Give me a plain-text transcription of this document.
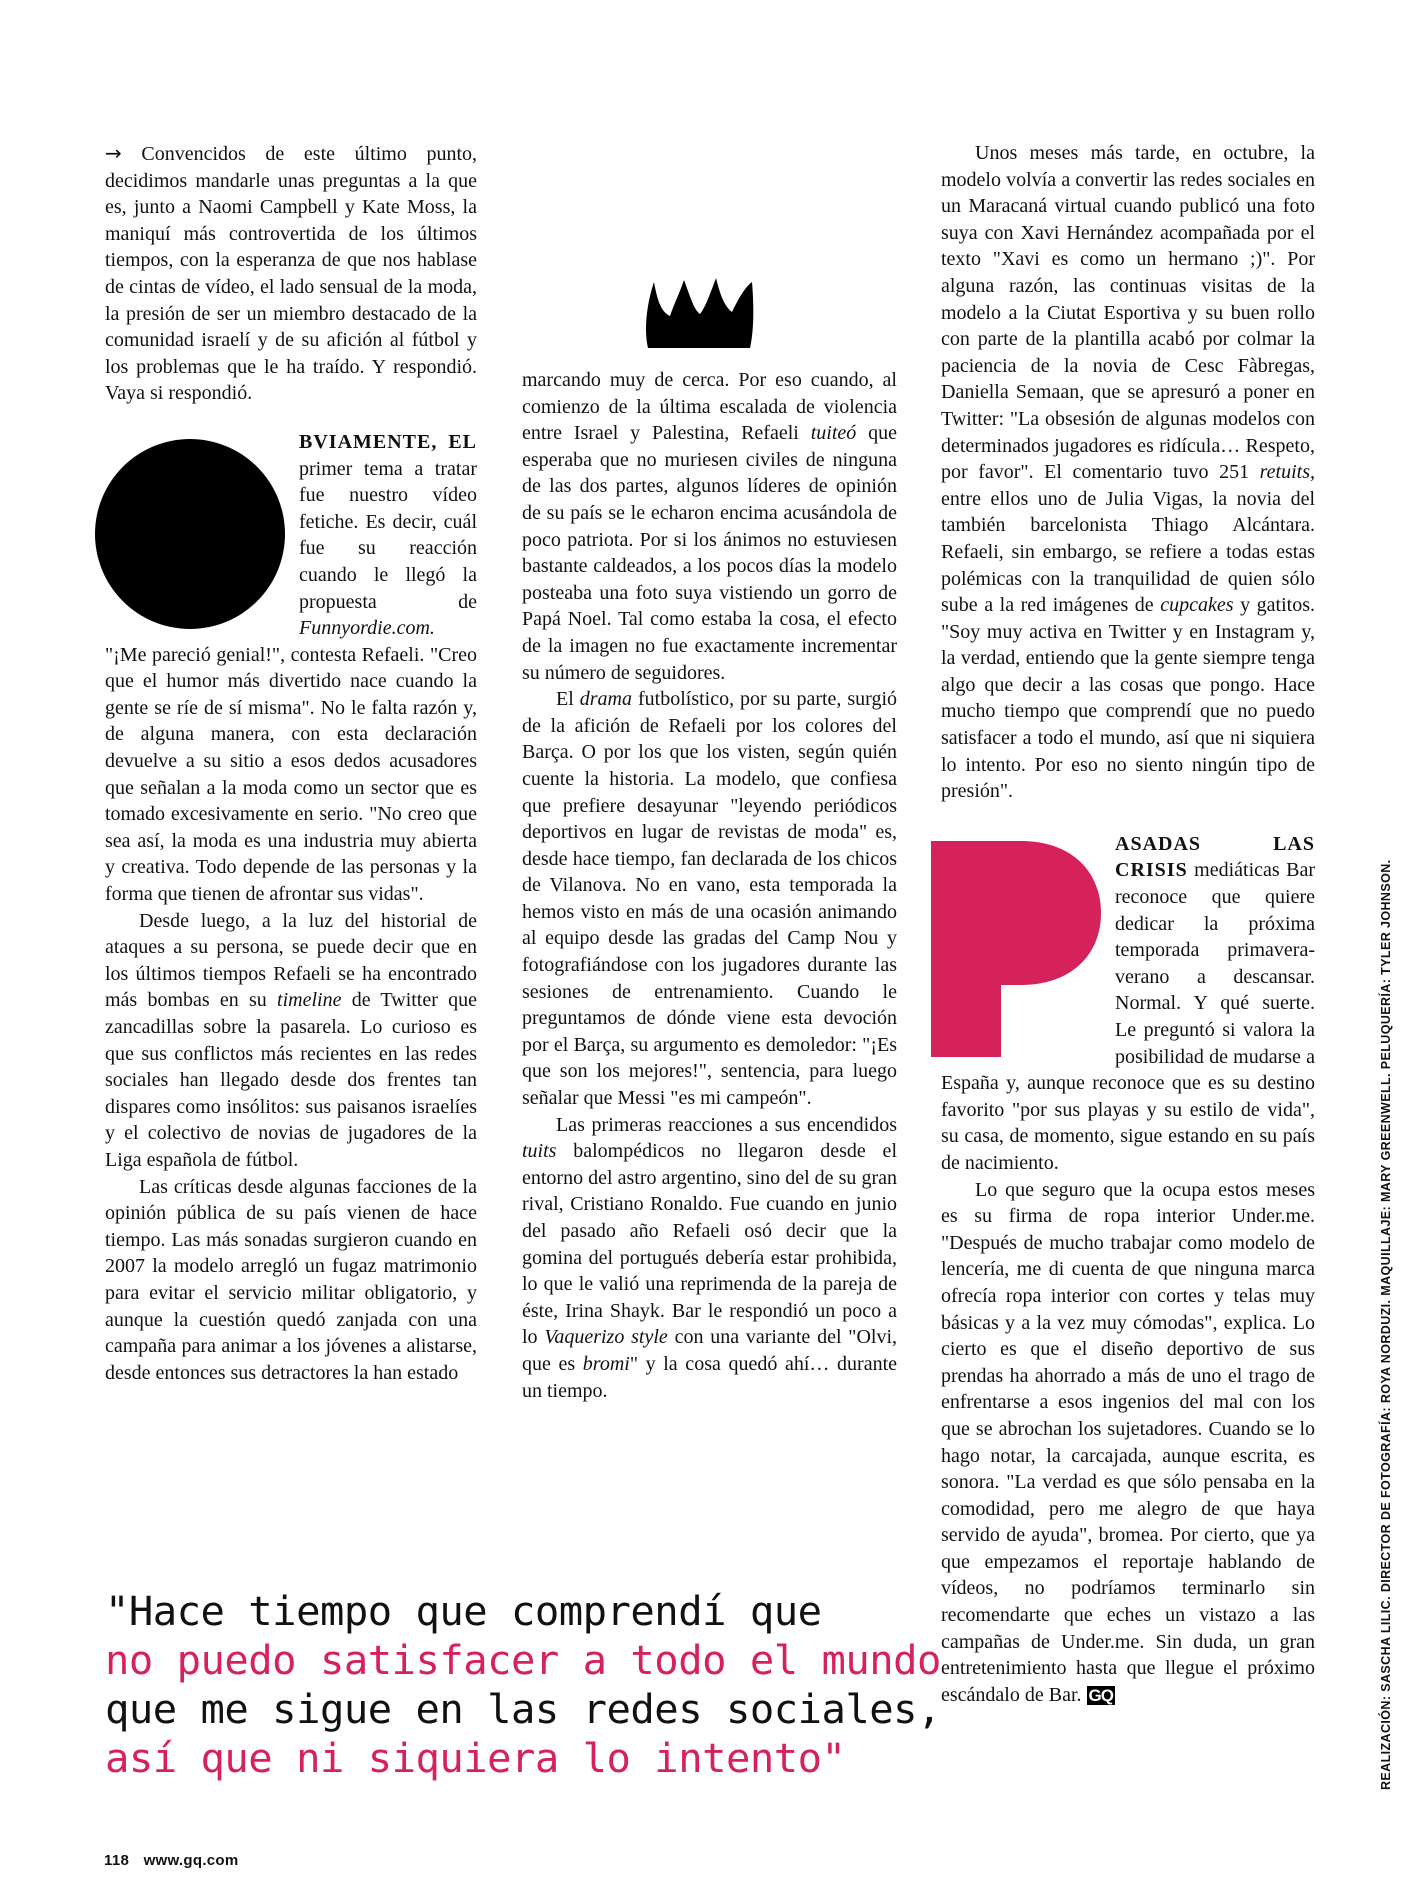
→ Convencidos de este último punto, decidimos mandarle unas preguntas a la que es, junto a Naomi Campbell y Kate Moss, la maniquí más controvertida de los últimos tiempos, con la esperanza de que nos hablase de cintas de vídeo, el lado sensual de la moda, la presión de ser un miembro destacado de la comunidad israelí y de su afición al fútbol y los problemas que le ha traído. Y respondió. Vaya si respondió.

BVIAMENTE, EL primer tema a tratar fue nuestro vídeo fetiche. Es decir, cuál fue su reacción cuando le llegó la propuesta de Funnyordie.com. "¡Me pareció genial!", contesta Refaeli. "Creo que el humor más divertido nace cuando la gente se ríe de sí misma". No le falta razón y, de alguna manera, con esta declaración devuelve a su sitio a esos dedos acusadores que señalan a la moda como un sector que es tomado excesivamente en serio. "No creo que sea así, la moda es una industria muy abierta y creativa. Todo depende de las personas y la forma que tienen de afrontar sus vidas".

Desde luego, a la luz del historial de ataques a su persona, se puede decir que en los últimos tiempos Refaeli se ha encontrado más bombas en su timeline de Twitter que zancadillas sobre la pasarela. Lo curioso es que sus conflictos más recientes en las redes sociales han llegado desde dos frentes tan dispares como insólitos: sus paisanos israelíes y el colectivo de novias de jugadores de la Liga española de fútbol.

Las críticas desde algunas facciones de la opinión pública de su país vienen de hace tiempo. Las más sonadas surgieron cuando en 2007 la modelo arregló un fugaz matrimonio para evitar el servicio militar obligatorio, y aunque la cuestión quedó zanjada con una campaña para animar a los jóvenes a alistarse, desde entonces sus detractores la han estado

marcando muy de cerca. Por eso cuando, al comienzo de la última escalada de violencia entre Israel y Palestina, Refaeli tuiteó que esperaba que no muriesen civiles de ninguna de las dos partes, algunos líderes de opinión de su país se le echaron encima acusándola de poco patriota. Por si los ánimos no estuviesen bastante caldeados, a los pocos días la modelo posteaba una foto suya vistiendo un gorro de Papá Noel. Tal como estaba la cosa, el efecto de la imagen no fue exactamente incrementar su número de seguidores.

El drama futbolístico, por su parte, surgió de la afición de Refaeli por los colores del Barça. O por los que los visten, según quién cuente la historia. La modelo, que confiesa que prefiere desayunar "leyendo periódicos deportivos en lugar de revistas de moda" es, desde hace tiempo, fan declarada de los chicos de Vilanova. No en vano, esta temporada la hemos visto en más de una ocasión animando al equipo desde las gradas del Camp Nou y fotografiándose con los jugadores durante las sesiones de entrenamiento. Cuando le preguntamos de dónde viene esta devoción por el Barça, su argumento es demoledor: "¡Es que son los mejores!", sentencia, para luego señalar que Messi "es mi campeón".

Las primeras reacciones a sus encendidos tuits balompédicos no llegaron desde el entorno del astro argentino, sino del de su gran rival, Cristiano Ronaldo. Fue cuando en junio del pasado año Refaeli osó decir que la gomina del portugués debería estar prohibida, lo que le valió una reprimenda de la pareja de éste, Irina Shayk. Bar le respondió un poco a lo Vaquerizo style con una variante del "Olvi, que es bromi" y la cosa quedó ahí… durante un tiempo.

Unos meses más tarde, en octubre, la modelo volvía a convertir las redes sociales en un Maracaná virtual cuando publicó una foto suya con Xavi Hernández acompañada por el texto "Xavi es como un hermano ;)". Por alguna razón, las continuas visitas de la modelo a la Ciutat Esportiva y su buen rollo con parte de la plantilla acabó por colmar la paciencia de la novia de Cesc Fàbregas, Daniella Semaan, que se apresuró a poner en Twitter: "La obsesión de algunas modelos con determinados jugadores es ridícula… Respeto, por favor". El comentario tuvo 251 retuits, entre ellos uno de Julia Vigas, la novia del también barcelonista Thiago Alcántara. Refaeli, sin embargo, se refiere a todas estas polémicas con la tranquilidad de quien sólo sube a la red imágenes de cupcakes y gatitos. "Soy muy activa en Twitter y en Instagram y, la verdad, entiendo que la gente siempre tenga algo que decir a las cosas que pongo. Hace mucho tiempo que comprendí que no puedo satisfacer a todo el mundo, así que ni siquiera lo intento. Por eso no siento ningún tipo de presión".

ASADAS LAS CRISIS mediáticas Bar reconoce que quiere dedicar la próxima temporada primavera-verano a descansar. Normal. Y qué suerte. Le preguntó si valora la posibilidad de mudarse a España y, aunque reconoce que es su destino favorito "por sus playas y su estilo de vida", su casa, de momento, sigue estando en su país de nacimiento.

Lo que seguro que la ocupa estos meses es su firma de ropa interior Under.me. "Después de mucho trabajar como modelo de lencería, me di cuenta de que ninguna marca ofrecía ropa interior con cortes y telas muy básicas y a la vez muy cómodas", explica. Lo cierto es que el diseño deportivo de sus prendas ha ahorrado a más de uno el trago de enfrentarse a esos ingenios del mal con los que se abrochan los sujetadores. Cuando se lo hago notar, la carcajada, aunque escrita, es sonora. "La verdad es que sólo pensaba en la comodidad, pero me alegro de que haya servido de ayuda", bromea. Por cierto, que ya que empezamos el reportaje hablando de vídeos, no podríamos terminarlo sin recomendarte que eches un vistazo a las campañas de Under.me. Sin duda, un gran entretenimiento hasta que llegue el próximo escándalo de Bar. GQ

"Hace tiempo que comprendí que
no puedo satisfacer a todo el mundo
que me sigue en las redes sociales,
así que ni siquiera lo intento"
118 www.gq.com
REALIZACIÓN: SASCHA LILIC. DIRECTOR DE FOTOGRAFÍA: ROYA NORDUZI. MAQUILLAJE: MARY GREENWELL. PELUQUERÍA: TYLER JOHNSON.
